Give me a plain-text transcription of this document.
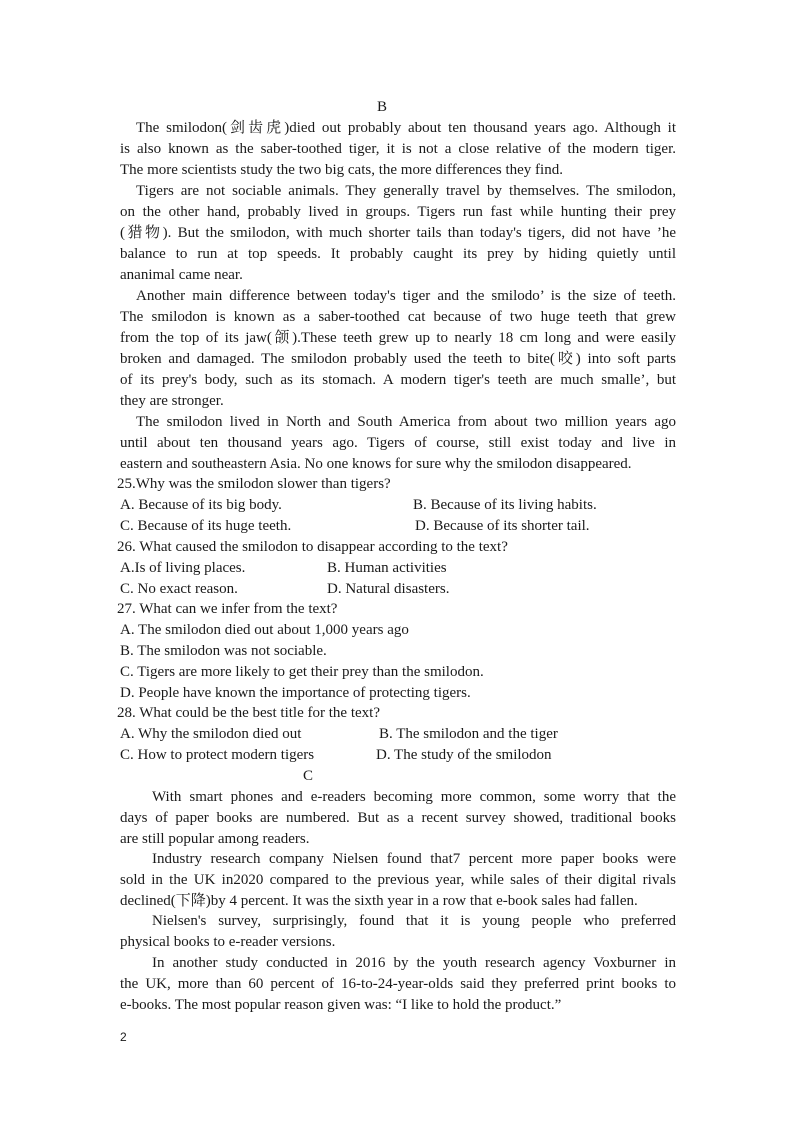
B
The smilodon(剑齿虎)died out probably about ten thousand years ago. Although it
is also known as the saber-toothed tiger, it is not a close relative of the modern tiger.
The more scientists study the two big cats, the more differences they find.
Tigers are not sociable animals. They generally travel by themselves. The smilodon,
on the other hand, probably lived in groups. Tigers run fast while hunting their prey
(猎物). But the smilodon, with much shorter tails than today's tigers, did not have ’he
balance to run at top speeds. It probably caught its prey by hiding quietly until
ananimal came near.
Another main difference between today's tiger and the smilodo’ is the size of teeth.
The smilodon is known as a saber-toothed cat because of two huge teeth that grew
from the top of its jaw(颌).These teeth grew up to nearly 18 cm long and were easily
broken and damaged. The smilodon probably used the teeth to bite(咬) into soft parts
of its prey's body, such as its stomach. A modern tiger's teeth are much smalle’, but
they are stronger.
The smilodon lived in North and South America from about two million years ago
until about ten thousand years ago. Tigers of course, still exist today and live in
eastern and southeastern Asia. No one knows for sure why the smilodon disappeared.
25.Why was the smilodon slower than tigers?
A. Because of its big body.	B. Because of its living habits.
C. Because of its huge teeth.	D. Because of its shorter tail.
26. What caused the smilodon to disappear according to the text?
A.Is of living places.	B. Human activities
C. No exact reason.	D. Natural disasters.
27. What can we infer from the text?
A. The smilodon died out about 1,000 years ago
B. The smilodon was not sociable.
C. Tigers are more likely to get their prey than the smilodon.
D. People have known the importance of protecting tigers.
28. What could be the best title for the text?
A. Why the smilodon died out	B. The smilodon and the tiger
C. How to protect modern tigers	D. The study of the smilodon
C
With smart phones and e-readers becoming more common, some worry that the
days of paper books are numbered. But as a recent survey showed, traditional books
are still popular among readers.
Industry research company Nielsen found that7 percent more paper books were
sold in the UK in2020 compared to the previous year, while sales of their digital rivals
declined(下降)by 4 percent. It was the sixth year in a row that e-book sales had fallen.
Nielsen's survey, surprisingly, found that it is young people who preferred
physical books to e-reader versions.
In another study conducted in 2016 by the youth research agency Voxburner in
the UK, more than 60 percent of 16-to-24-year-olds said they preferred print books to
e-books. The most popular reason given was: “I like to hold the product.”
2
